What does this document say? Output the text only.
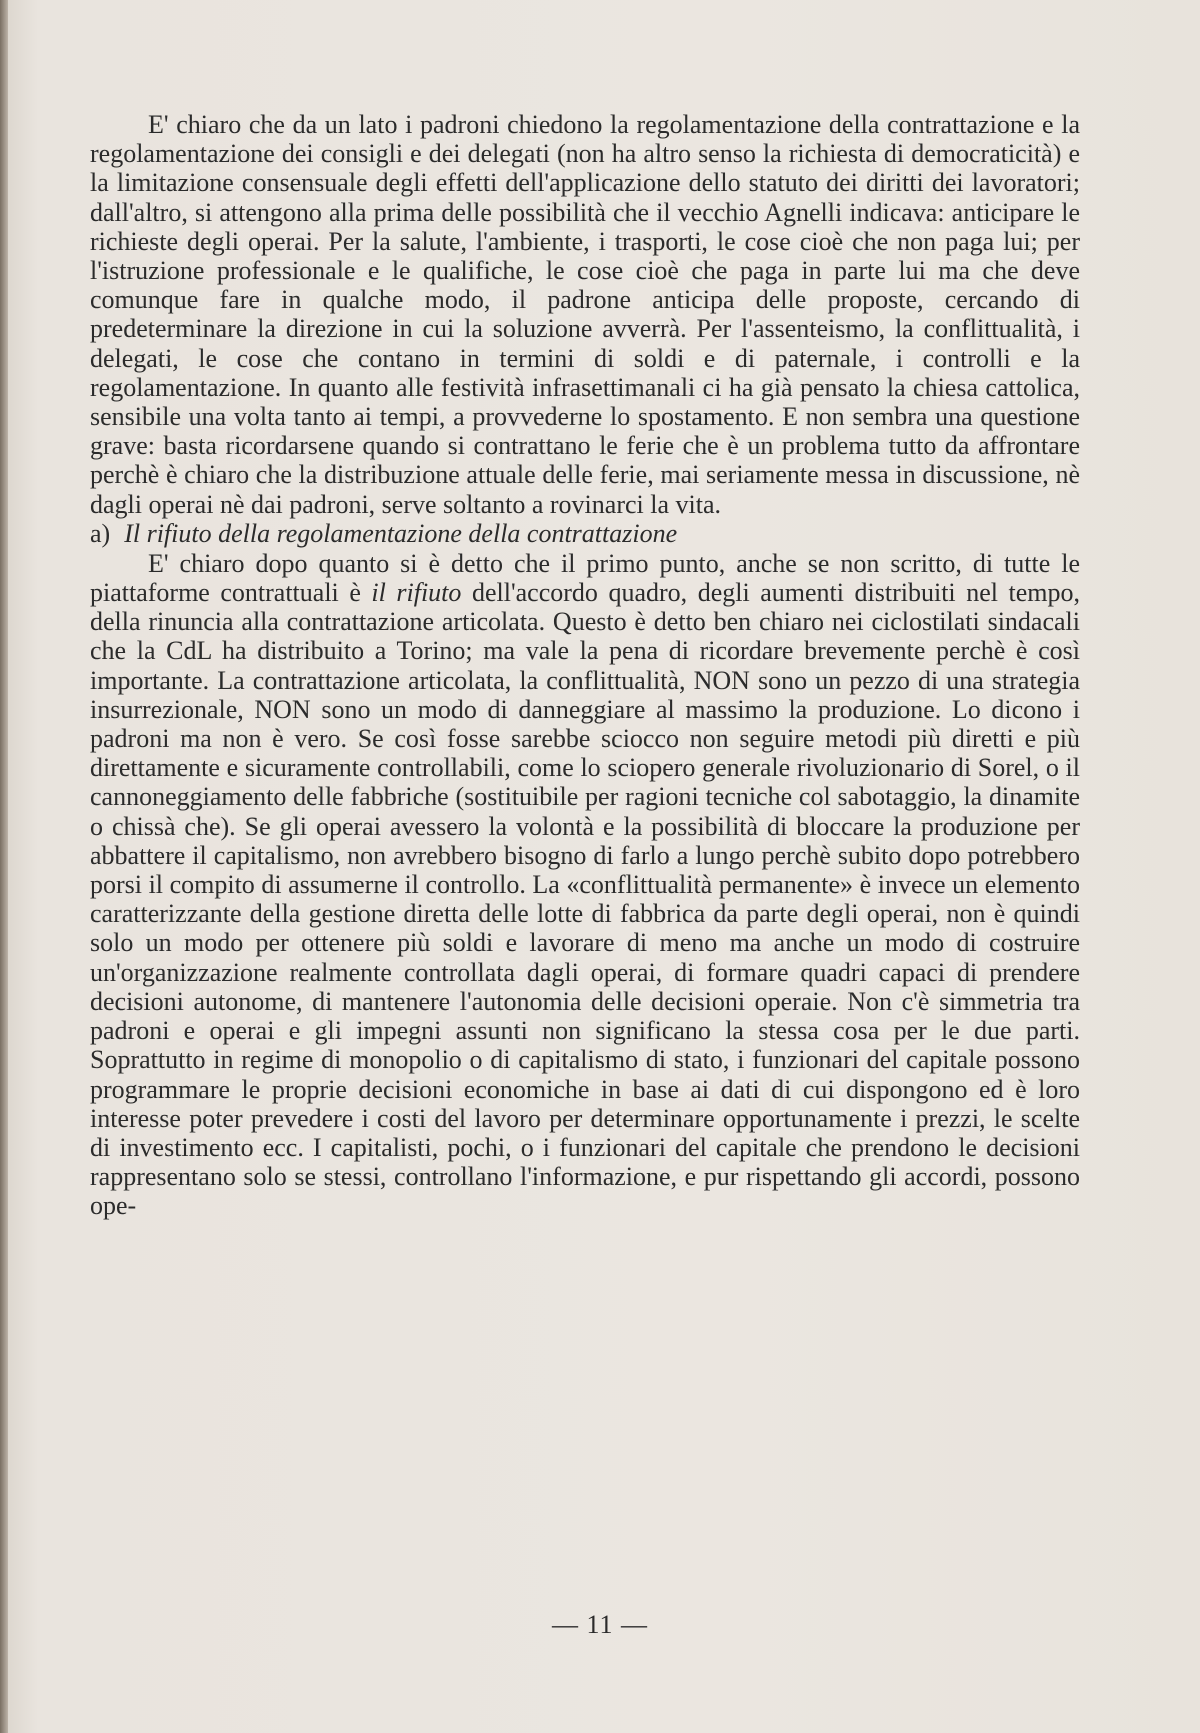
E' chiaro che da un lato i padroni chiedono la regolamentazione della contrattazione e la regolamentazione dei consigli e dei delegati (non ha altro senso la richiesta di democraticità) e la limitazione consensuale degli effetti dell'applicazione dello statuto dei diritti dei lavoratori; dall'altro, si attengono alla prima delle possibilità che il vecchio Agnelli indicava: anticipare le richieste degli operai. Per la salute, l'ambiente, i trasporti, le cose cioè che non paga lui; per l'istruzione professionale e le qualifiche, le cose cioè che paga in parte lui ma che deve comunque fare in qualche modo, il padrone anticipa delle proposte, cercando di predeterminare la direzione in cui la soluzione avverrà. Per l'assenteismo, la conflittualità, i delegati, le cose che contano in termini di soldi e di paternale, i controlli e la regolamentazione. In quanto alle festività infrasettimanali ci ha già pensato la chiesa cattolica, sensibile una volta tanto ai tempi, a provvederne lo spostamento. E non sembra una questione grave: basta ricordarsene quando si contrattano le ferie che è un problema tutto da affrontare perchè è chiaro che la distribuzione attuale delle ferie, mai seriamente messa in discussione, nè dagli operai nè dai padroni, serve soltanto a rovinarci la vita.

a) Il rifiuto della regolamentazione della contrattazione

E' chiaro dopo quanto si è detto che il primo punto, anche se non scritto, di tutte le piattaforme contrattuali è il rifiuto dell'accordo quadro, degli aumenti distribuiti nel tempo, della rinuncia alla contrattazione articolata. Questo è detto ben chiaro nei ciclostilati sindacali che la CdL ha distribuito a Torino; ma vale la pena di ricordare brevemente perchè è così importante. La contrattazione articolata, la conflittualità, NON sono un pezzo di una strategia insurrezionale, NON sono un modo di danneggiare al massimo la produzione. Lo dicono i padroni ma non è vero. Se così fosse sarebbe sciocco non seguire metodi più diretti e più direttamente e sicuramente controllabili, come lo sciopero generale rivoluzionario di Sorel, o il cannoneggiamento delle fabbriche (sostituibile per ragioni tecniche col sabotaggio, la dinamite o chissà che). Se gli operai avessero la volontà e la possibilità di bloccare la produzione per abbattere il capitalismo, non avrebbero bisogno di farlo a lungo perchè subito dopo potrebbero porsi il compito di assumerne il controllo. La «conflittualità permanente» è invece un elemento caratterizzante della gestione diretta delle lotte di fabbrica da parte degli operai, non è quindi solo un modo per ottenere più soldi e lavorare di meno ma anche un modo di costruire un'organizzazione realmente controllata dagli operai, di formare quadri capaci di prendere decisioni autonome, di mantenere l'autonomia delle decisioni operaie. Non c'è simmetria tra padroni e operai e gli impegni assunti non significano la stessa cosa per le due parti. Soprattutto in regime di monopolio o di capitalismo di stato, i funzionari del capitale possono programmare le proprie decisioni economiche in base ai dati di cui dispongono ed è loro interesse poter prevedere i costi del lavoro per determinare opportunamente i prezzi, le scelte di investimento ecc. I capitalisti, pochi, o i funzionari del capitale che prendono le decisioni rappresentano solo se stessi, controllano l'informazione, e pur rispettando gli accordi, possono ope-

— 11 —
